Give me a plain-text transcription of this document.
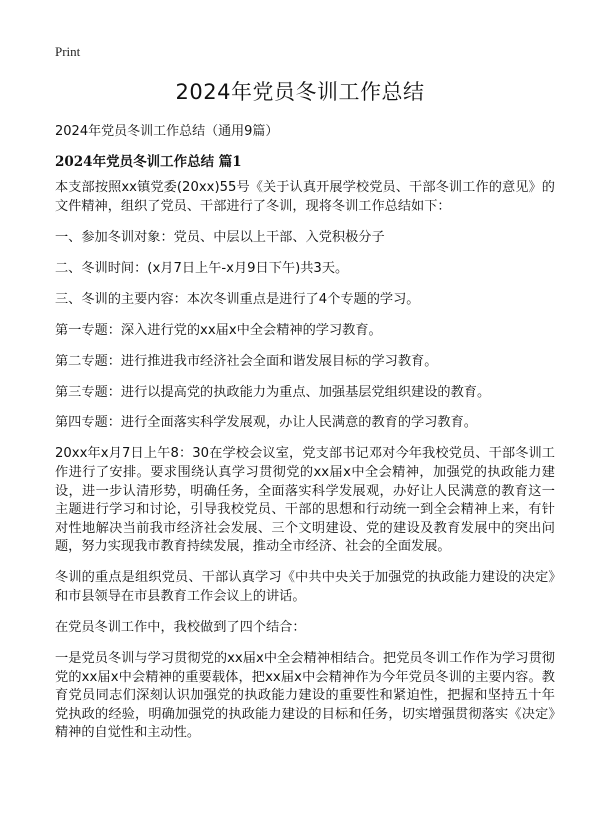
Print
2024年党员冬训工作总结
2024年党员冬训工作总结（通用9篇）
2024年党员冬训工作总结 篇1

本支部按照xx镇党委(20xx)55号《关于认真开展学校党员、干部冬训工作的意见》的文件精神，组织了党员、干部进行了冬训，现将冬训工作总结如下：

一、参加冬训对象：党员、中层以上干部、入党积极分子

二、冬训时间：(x月7日上午-x月9日下午)共3天。

三、冬训的主要内容：本次冬训重点是进行了4个专题的学习。

第一专题：深入进行党的xx届x中全会精神的学习教育。

第二专题：进行推进我市经济社会全面和谐发展目标的学习教育。

第三专题：进行以提高党的执政能力为重点、加强基层党组织建设的教育。

第四专题：进行全面落实科学发展观，办让人民满意的教育的学习教育。

20xx年x月7日上午8：30在学校会议室，党支部书记邓对今年我校党员、干部冬训工作进行了安排。要求围绕认真学习贯彻党的xx届x中全会精神，加强党的执政能力建设，进一步认清形势，明确任务，全面落实科学发展观，办好让人民满意的教育这一主题进行学习和讨论，引导我校党员、干部的思想和行动统一到全会精神上来，有针对性地解决当前我市经济社会发展、三个文明建设、党的建设及教育发展中的突出问题，努力实现我市教育持续发展，推动全市经济、社会的全面发展。

冬训的重点是组织党员、干部认真学习《中共中央关于加强党的执政能力建设的决定》和市县领导在市县教育工作会议上的讲话。

在党员冬训工作中，我校做到了四个结合：

一是党员冬训与学习贯彻党的xx届x中全会精神相结合。把党员冬训工作作为学习贯彻党的xx届x中会精神的重要载体，把xx届x中会精神作为今年党员冬训的主要内容。教育党员同志们深刻认识加强党的执政能力建设的重要性和紧迫性，把握和坚持五十年党执政的经验，明确加强党的执政能力建设的目标和任务，切实增强贯彻落实《决定》精神的自觉性和主动性。
